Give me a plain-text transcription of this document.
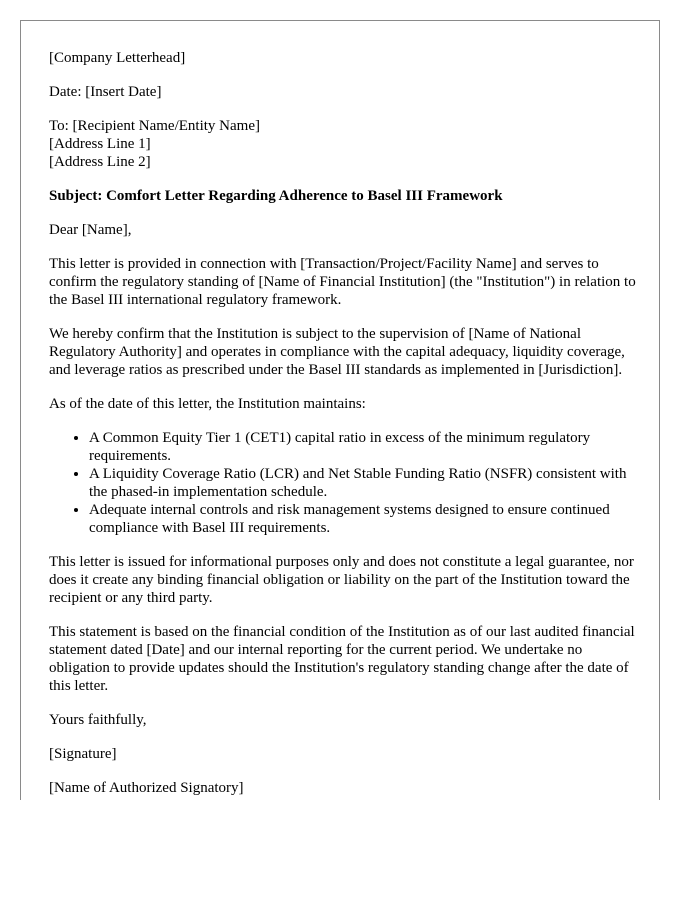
[Company Letterhead]

Date: [Insert Date]

To: [Recipient Name/Entity Name]

[Address Line 1]

[Address Line 2]

Subject: Comfort Letter Regarding Adherence to Basel III Framework

Dear [Name],

This letter is provided in connection with [Transaction/Project/Facility Name] and serves to confirm the regulatory standing of [Name of Financial Institution] (the "Institution") in relation to the Basel III international regulatory framework.

We hereby confirm that the Institution is subject to the supervision of [Name of National Regulatory Authority] and operates in compliance with the capital adequacy, liquidity coverage, and leverage ratios as prescribed under the Basel III standards as implemented in [Jurisdiction].

As of the date of this letter, the Institution maintains:

• A Common Equity Tier 1 (CET1) capital ratio in excess of the minimum regulatory requirements.
• A Liquidity Coverage Ratio (LCR) and Net Stable Funding Ratio (NSFR) consistent with the phased-in implementation schedule.
• Adequate internal controls and risk management systems designed to ensure continued compliance with Basel III requirements.

This letter is issued for informational purposes only and does not constitute a legal guarantee, nor does it create any binding financial obligation or liability on the part of the Institution toward the recipient or any third party.

This statement is based on the financial condition of the Institution as of our last audited financial statement dated [Date] and our internal reporting for the current period. We undertake no obligation to provide updates should the Institution's regulatory standing change after the date of this letter.

Yours faithfully,

[Signature]

[Name of Authorized Signatory]
